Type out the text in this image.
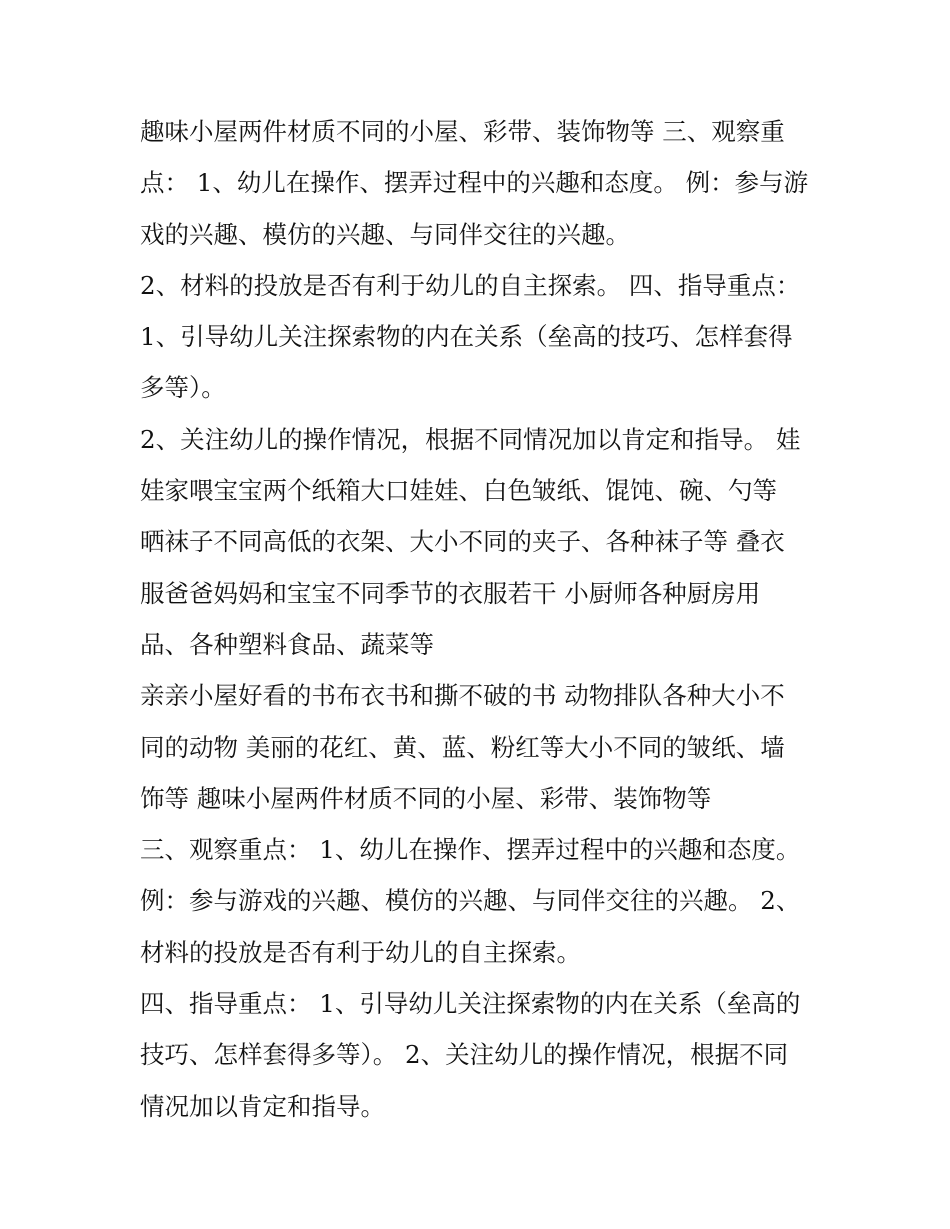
趣味小屋两件材质不同的小屋、彩带、装饰物等 三、观察重
点： 1、幼儿在操作、摆弄过程中的兴趣和态度。 例：参与游
戏的兴趣、模仿的兴趣、与同伴交往的兴趣。
2、材料的投放是否有利于幼儿的自主探索。 四、指导重点：
1、引导幼儿关注探索物的内在关系（垒高的技巧、怎样套得
多等）。
2、关注幼儿的操作情况，根据不同情况加以肯定和指导。 娃
娃家喂宝宝两个纸箱大口娃娃、白色皱纸、馄饨、碗、勺等
晒袜子不同高低的衣架、大小不同的夹子、各种袜子等 叠衣
服爸爸妈妈和宝宝不同季节的衣服若干 小厨师各种厨房用
品、各种塑料食品、蔬菜等
亲亲小屋好看的书布衣书和撕不破的书 动物排队各种大小不
同的动物 美丽的花红、黄、蓝、粉红等大小不同的皱纸、墙
饰等 趣味小屋两件材质不同的小屋、彩带、装饰物等
三、观察重点： 1、幼儿在操作、摆弄过程中的兴趣和态度。
例：参与游戏的兴趣、模仿的兴趣、与同伴交往的兴趣。 2、
材料的投放是否有利于幼儿的自主探索。
四、指导重点： 1、引导幼儿关注探索物的内在关系（垒高的
技巧、怎样套得多等）。 2、关注幼儿的操作情况，根据不同
情况加以肯定和指导。
